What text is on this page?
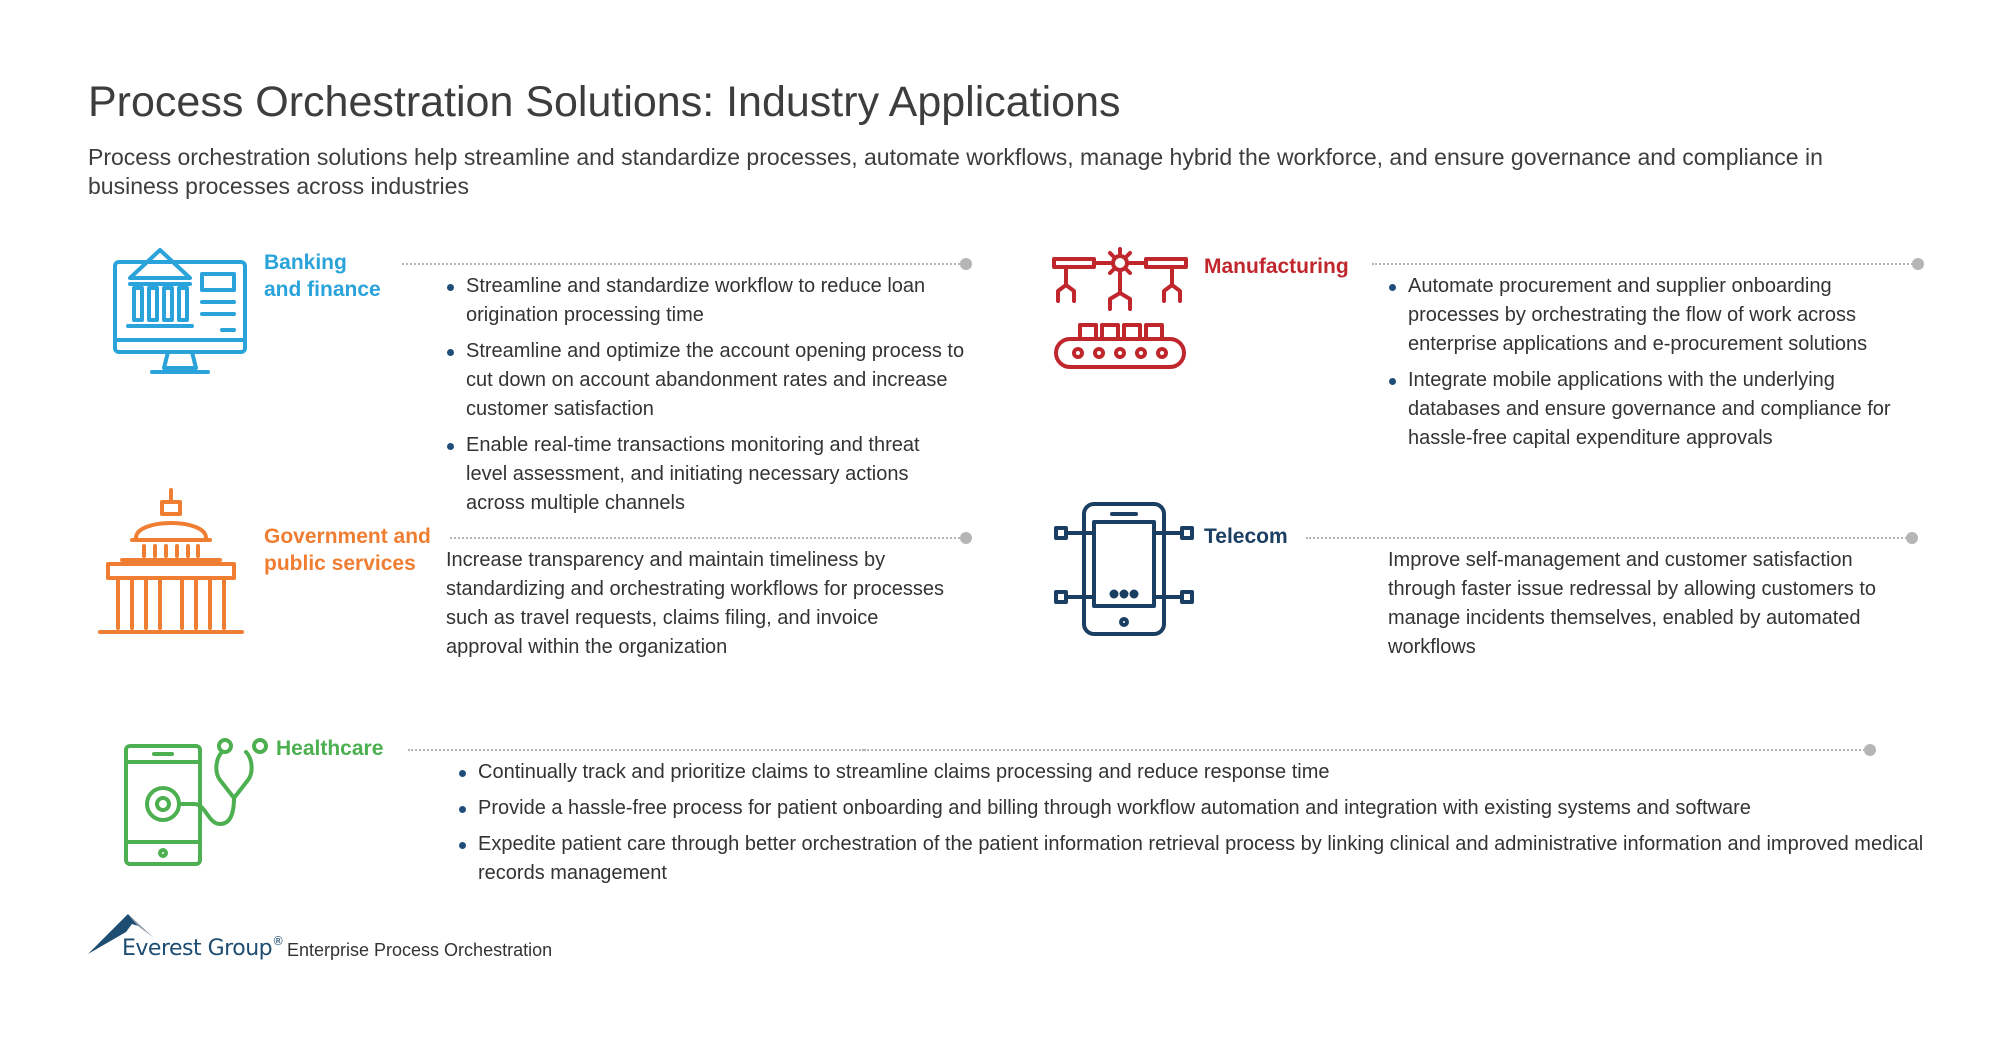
Process Orchestration Solutions: Industry Applications
Process orchestration solutions help streamline and standardize processes, automate workflows, manage hybrid the workforce, and ensure governance and compliance in business processes across industries
Banking
and finance	Streamline and standardize workflow to reduce loan origination processing time
Streamline and optimize the account opening process to cut down on account abandonment rates and increase customer satisfaction
Enable real-time transactions monitoring and threat level assessment, and initiating necessary actions across multiple channels
Manufacturing
Automate procurement and supplier onboarding processes by orchestrating the flow of work across enterprise applications and e-procurement solutions
Integrate mobile applications with the underlying databases and ensure governance and compliance for hassle-free capital expenditure approvals
Government and
public services	Increase transparency and maintain timeliness by standardizing and orchestrating workflows for processes such as travel requests, claims filing, and invoice approval within the organization
Telecom
Improve self-management and customer satisfaction through faster issue redressal by allowing customers to manage incidents themselves, enabled by automated workflows
Healthcare
Continually track and prioritize claims to streamline claims processing and reduce response time
Provide a hassle-free process for patient onboarding and billing through workflow automation and integration with existing systems and software
Expedite patient care through better orchestration of the patient information retrieval process by linking clinical and administrative information and improved medical records management
Everest Group® Enterprise Process Orchestration
